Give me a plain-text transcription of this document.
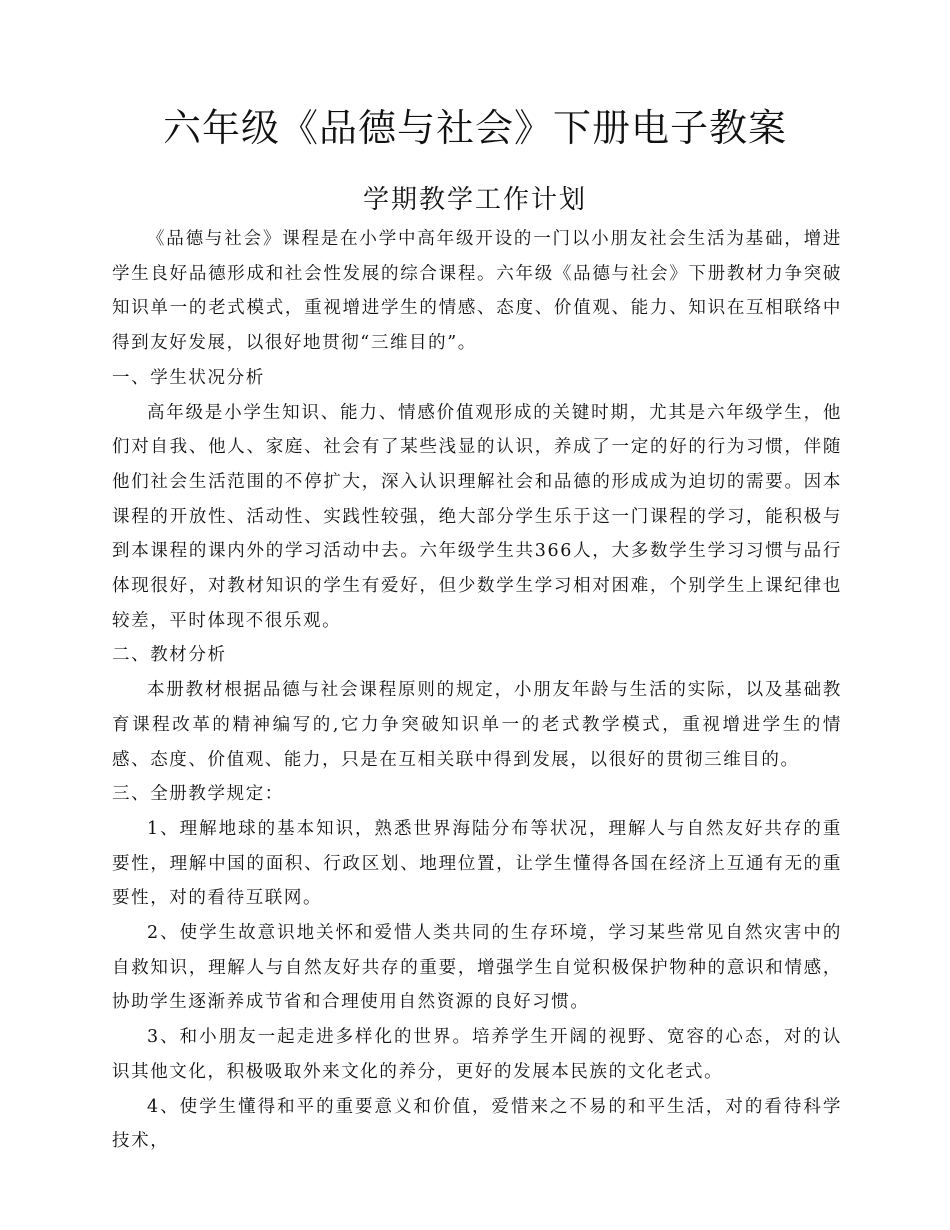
六年级《品德与社会》下册电子教案
学期教学工作计划

《品德与社会》课程是在小学中高年级开设的一门以小朋友社会生活为基础，增进学生良好品德形成和社会性发展的综合课程。六年级《品德与社会》下册教材力争突破知识单一的老式模式，重视增进学生的情感、态度、价值观、能力、知识在互相联络中得到友好发展，以很好地贯彻“三维目的”。

一、学生状况分析

高年级是小学生知识、能力、情感价值观形成的关键时期，尤其是六年级学生，他们对自我、他人、家庭、社会有了某些浅显的认识，养成了一定的好的行为习惯，伴随他们社会生活范围的不停扩大，深入认识理解社会和品德的形成成为迫切的需要。因本课程的开放性、活动性、实践性较强，绝大部分学生乐于这一门课程的学习，能积极与到本课程的课内外的学习活动中去。六年级学生共366人，大多数学生学习习惯与品行体现很好，对教材知识的学生有爱好，但少数学生学习相对困难，个别学生上课纪律也较差，平时体现不很乐观。

二、教材分析

本册教材根据品德与社会课程原则的规定，小朋友年龄与生活的实际，以及基础教育课程改革的精神编写的,它力争突破知识单一的老式教学模式，重视增进学生的情感、态度、价值观、能力，只是在互相关联中得到发展，以很好的贯彻三维目的。

三、全册教学规定：

1、理解地球的基本知识，熟悉世界海陆分布等状况，理解人与自然友好共存的重要性，理解中国的面积、行政区划、地理位置，让学生懂得各国在经济上互通有无的重要性，对的看待互联网。

2、使学生故意识地关怀和爱惜人类共同的生存环境，学习某些常见自然灾害中的自救知识，理解人与自然友好共存的重要，增强学生自觉积极保护物种的意识和情感，协助学生逐渐养成节省和合理使用自然资源的良好习惯。

3、和小朋友一起走进多样化的世界。培养学生开阔的视野、宽容的心态，对的认识其他文化，积极吸取外来文化的养分，更好的发展本民族的文化老式。

4、使学生懂得和平的重要意义和价值，爱惜来之不易的和平生活，对的看待科学技术，
